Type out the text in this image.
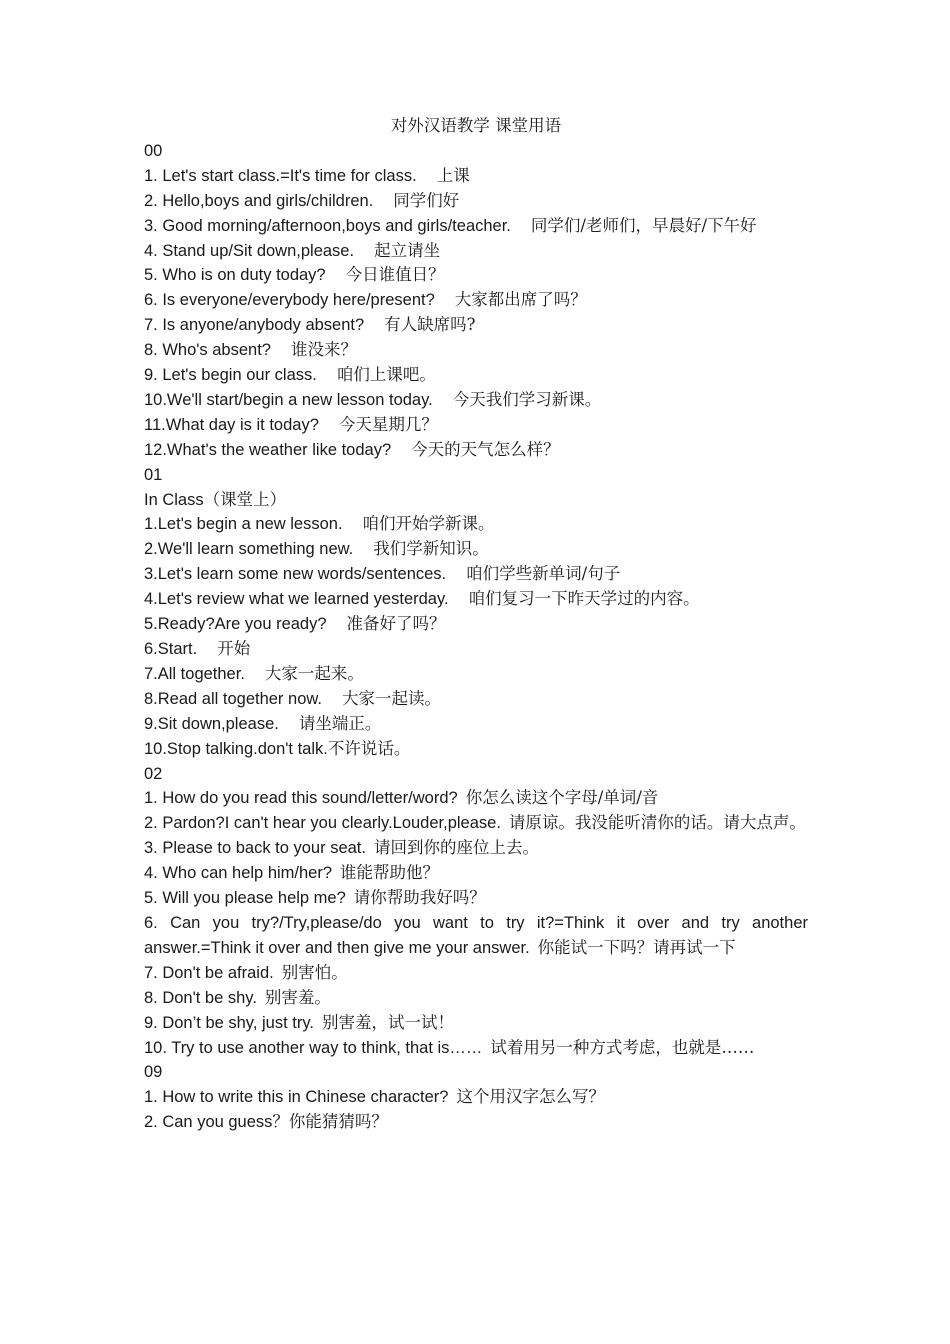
对外汉语教学 课堂用语

00

1. Let's start class.=It's time for class. 上课

2. Hello,boys and girls/children. 同学们好

3. Good morning/afternoon,boys and girls/teacher. 同学们/老师们，早晨好/下午好

4. Stand up/Sit down,please. 起立请坐

5. Who is on duty today? 今日谁值日？

6. Is everyone/everybody here/present? 大家都出席了吗？

7. Is anyone/anybody absent? 有人缺席吗?

8. Who's absent? 谁没来？

9. Let's begin our class. 咱们上课吧。

10.We'll start/begin a new lesson today. 今天我们学习新课。

11.What day is it today? 今天星期几？

12.What's the weather like today? 今天的天气怎么样？

01

In Class（课堂上）

1.Let's begin a new lesson. 咱们开始学新课。

2.We'll learn something new. 我们学新知识。

3.Let's learn some new words/sentences. 咱们学些新单词/句子

4.Let's review what we learned yesterday. 咱们复习一下昨天学过的内容。

5.Ready?Are you ready? 准备好了吗？

6.Start. 开始

7.All together. 大家一起来。

8.Read all together now. 大家一起读。

9.Sit down,please. 请坐端正。

10.Stop talking.don't talk.不许说话。

02

1. How do you read this sound/letter/word? 你怎么读这个字母/单词/音

2. Pardon?I can't hear you clearly.Louder,please. 请原谅。我没能听清你的话。请大点声。

3. Please to back to your seat. 请回到你的座位上去。

4. Who can help him/her? 谁能帮助他？

5. Will you please help me? 请你帮助我好吗？

6. Can you try?/Try,please/do you want to try it?=Think it over and try another answer.=Think it over and then give me your answer. 你能试一下吗？请再试一下

7. Don't be afraid. 别害怕。

8. Don't be shy. 别害羞。

9. Don’t be shy, just try. 别害羞，试一试！

10. Try to use another way to think, that is…… 试着用另一种方式考虑，也就是……

09

1. How to write this in Chinese character? 这个用汉字怎么写？

2. Can you guess？你能猜猜吗？
